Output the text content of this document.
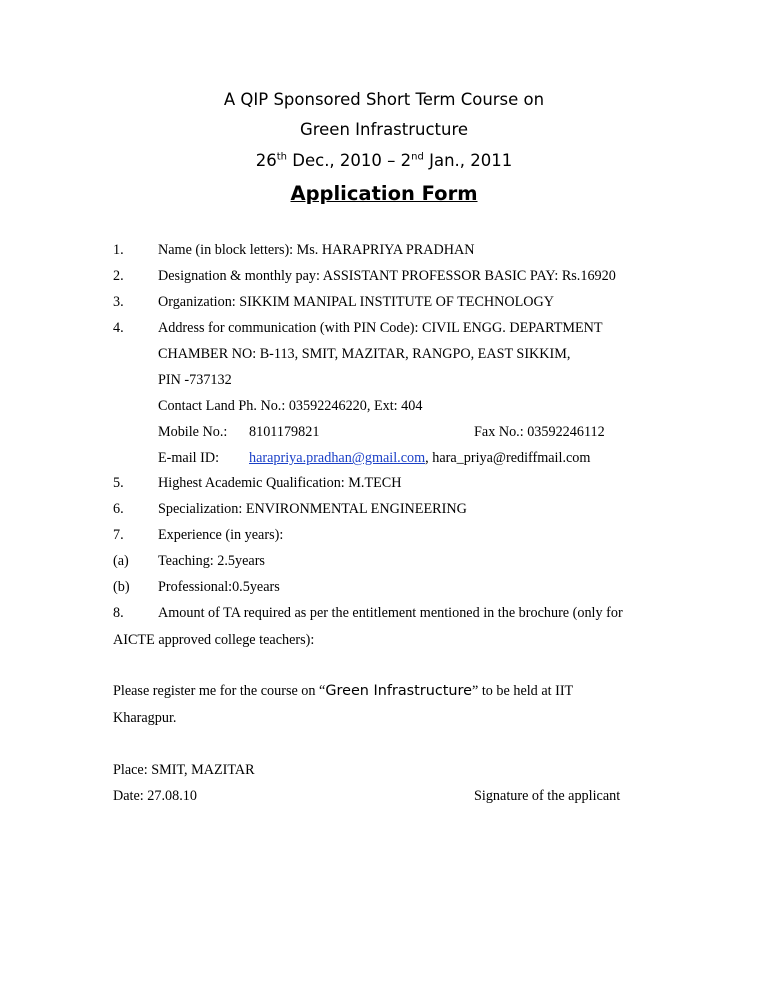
A QIP Sponsored Short Term Course on
Green Infrastructure
26th Dec., 2010 – 2nd Jan., 2011
Application Form
1. Name (in block letters): Ms. HARAPRIYA PRADHAN
2. Designation & monthly pay: ASSISTANT PROFESSOR BASIC PAY: Rs.16920
3. Organization: SIKKIM MANIPAL INSTITUTE OF TECHNOLOGY
4. Address for communication (with PIN Code): CIVIL ENGG. DEPARTMENT
CHAMBER NO: B-113, SMIT, MAZITAR, RANGPO, EAST SIKKIM,
PIN -737132
Contact Land Ph. No.: 03592246220, Ext: 404
Mobile No.: 8101179821	Fax No.: 03592246112
E-mail ID: harapriya.pradhan@gmail.com, hara_priya@rediffmail.com
5. Highest Academic Qualification: M.TECH
6. Specialization: ENVIRONMENTAL ENGINEERING
7. Experience (in years):
(a) Teaching: 2.5years
(b) Professional:0.5years
8. Amount of TA required as per the entitlement mentioned in the brochure (only for
AICTE approved college teachers):
Please register me for the course on “Green Infrastructure” to be held at IIT
Kharagpur.
Place: SMIT, MAZITAR
Date: 27.08.10	Signature of the applicant
